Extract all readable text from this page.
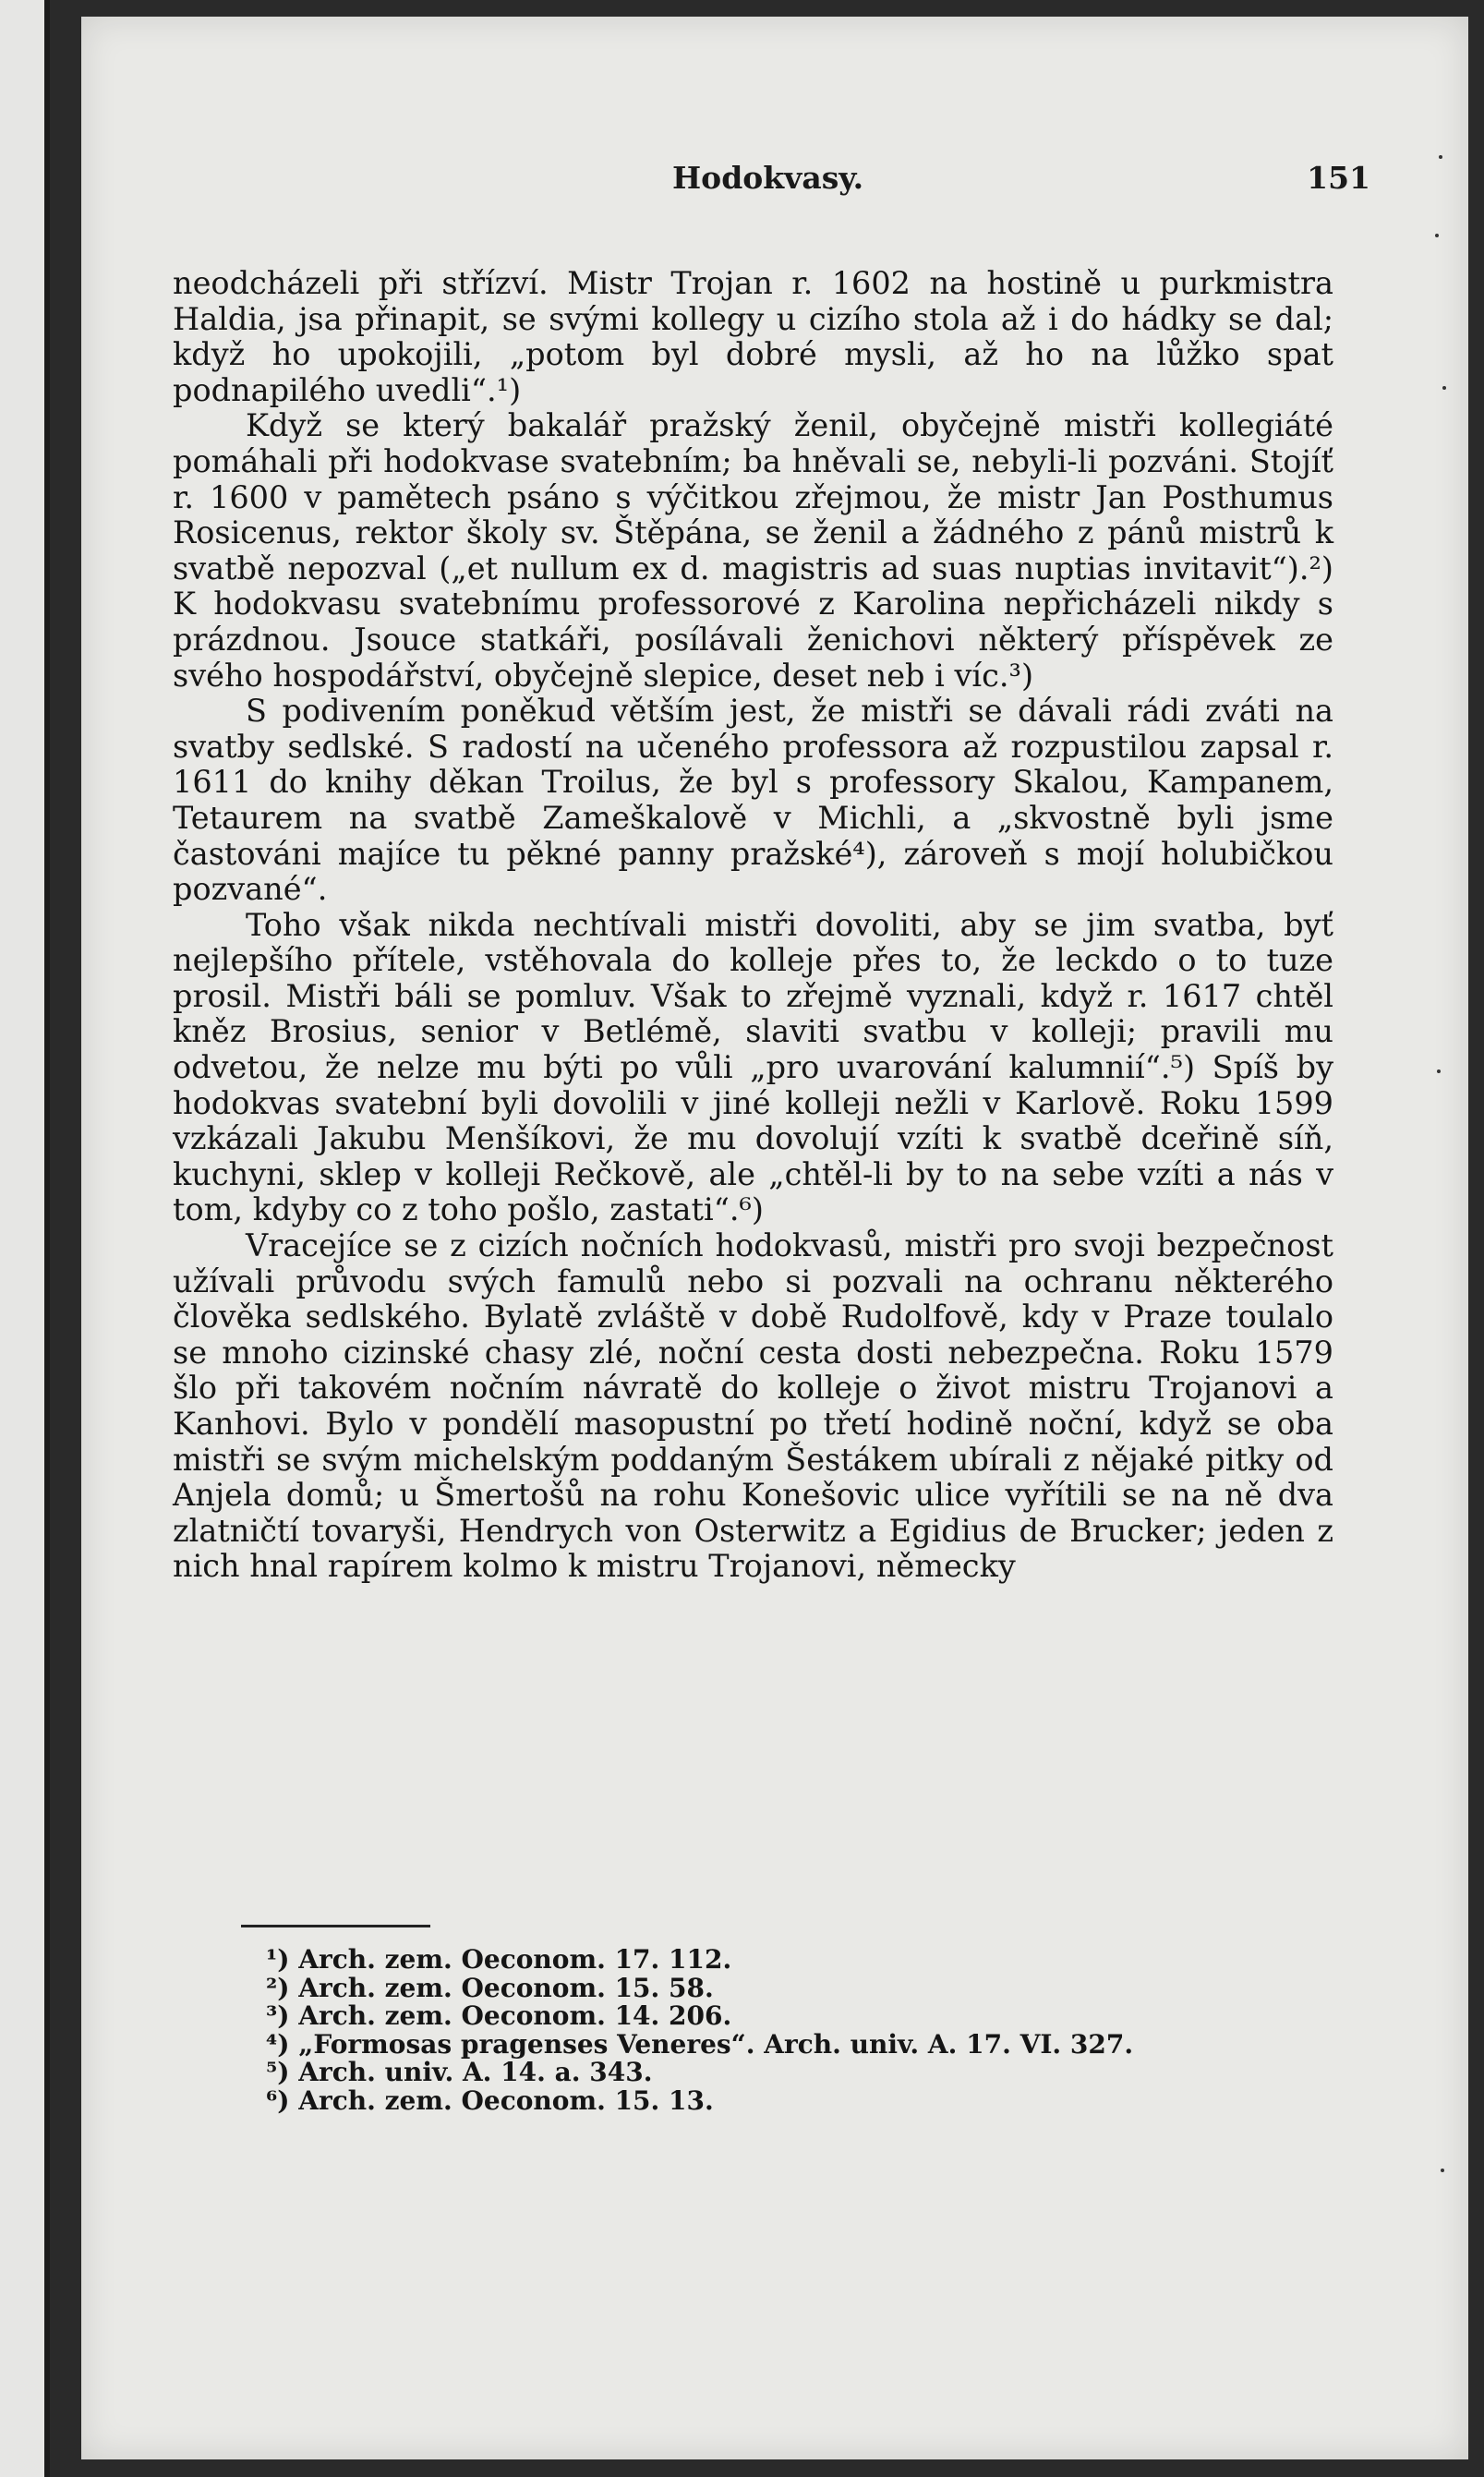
Hodokvasy.	151

neodcházeli při střízví. Mistr Trojan r. 1602 na hostině u purkmistra Haldia, jsa přinapit, se svými kollegy u cizího stola až i do hádky se dal; když ho upokojili, „potom byl dobré mysli, až ho na lůžko spat podnapilého uvedli“.¹)

Když se který bakalář pražský ženil, obyčejně mistři kollegiáté pomáhali při hodokvase svatebním; ba hněvali se, nebyli-li pozváni. Stojíť r. 1600 v pamětech psáno s výčitkou zřejmou, že mistr Jan Posthumus Rosicenus, rektor školy sv. Štěpána, se ženil a žádného z pánů mistrů k svatbě nepozval („et nullum ex d. magistris ad suas nuptias invitavit“).²) K hodokvasu svatebnímu professorové z Karolina nepřicházeli nikdy s prázdnou. Jsouce statkáři, posílávali ženichovi některý příspěvek ze svého hospodářství, obyčejně slepice, deset neb i víc.³)

S podivením poněkud větším jest, že mistři se dávali rádi zváti na svatby sedlské. S radostí na učeného professora až rozpustilou zapsal r. 1611 do knihy děkan Troilus, že byl s professory Skalou, Kampanem, Tetaurem na svatbě Zameškalově v Michli, a „skvostně byli jsme častováni majíce tu pěkné panny pražské⁴), zároveň s mojí holubičkou pozvané“.

Toho však nikda nechtívali mistři dovoliti, aby se jim svatba, byť nejlepšího přítele, vstěhovala do kolleje přes to, že leckdo o to tuze prosil. Mistři báli se pomluv. Však to zřejmě vyznali, když r. 1617 chtěl kněz Brosius, senior v Betlémě, slaviti svatbu v kolleji; pravili mu odvetou, že nelze mu býti po vůli „pro uvarování kalumnií“.⁵) Spíš by hodokvas svatební byli dovolili v jiné kolleji nežli v Karlově. Roku 1599 vzkázali Jakubu Menšíkovi, že mu dovolují vzíti k svatbě dceřině síň, kuchyni, sklep v kolleji Rečkově, ale „chtěl-li by to na sebe vzíti a nás v tom, kdyby co z toho pošlo, zastati“.⁶)

Vracejíce se z cizích nočních hodokvasů, mistři pro svoji bezpečnost užívali průvodu svých famulů nebo si pozvali na ochranu některého člověka sedlského. Bylatě zvláště v době Rudolfově, kdy v Praze toulalo se mnoho cizinské chasy zlé, noční cesta dosti nebezpečna. Roku 1579 šlo při takovém nočním návratě do kolleje o život mistru Trojanovi a Kanhovi. Bylo v pondělí masopustní po třetí hodině noční, když se oba mistři se svým michelským poddaným Šestákem ubírali z nějaké pitky od Anjela domů; u Šmertošů na rohu Konešovic ulice vyřítili se na ně dva zlatničtí tovaryši, Hendrych von Osterwitz a Egidius de Brucker; jeden z nich hnal rapírem kolmo k mistru Trojanovi, německy

¹) Arch. zem. Oeconom. 17. 112.
²) Arch. zem. Oeconom. 15. 58.
³) Arch. zem. Oeconom. 14. 206.
⁴) „Formosas pragenses Veneres“. Arch. univ. A. 17. VI. 327.
⁵) Arch. univ. A. 14. a. 343.
⁶) Arch. zem. Oeconom. 15. 13.
